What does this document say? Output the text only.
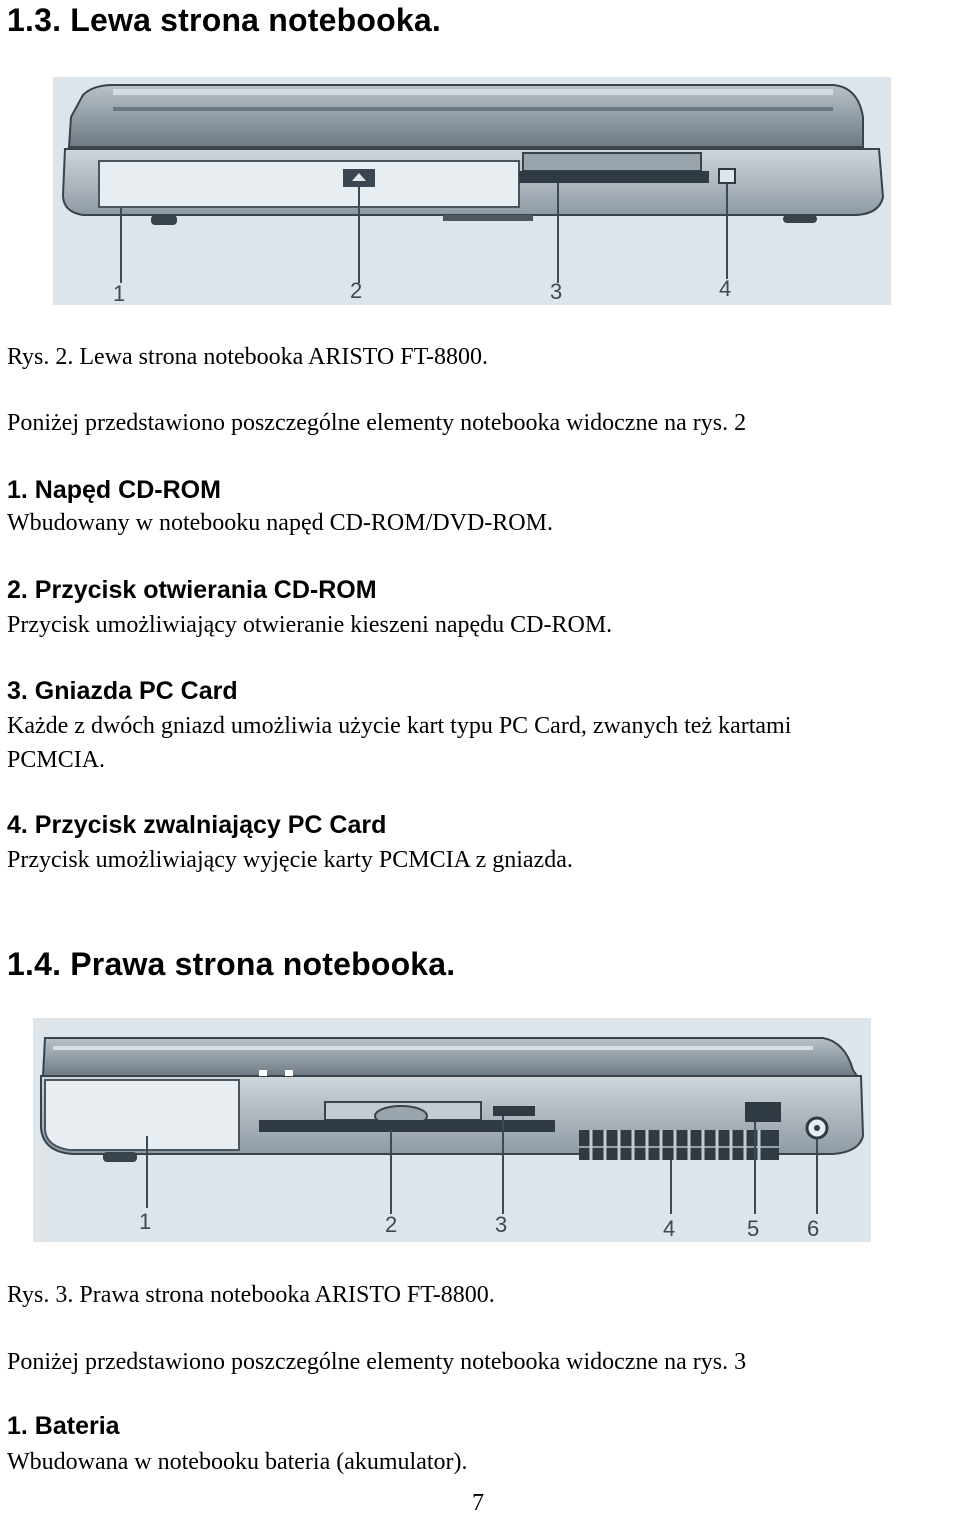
1.3. Lewa strona notebooka.
1	2	3	4

Rys. 2. Lewa strona notebooka ARISTO FT-8800.

Poniżej przedstawiono poszczególne elementy notebooka widoczne na rys. 2

1. Napęd CD-ROM

Wbudowany w notebooku napęd CD-ROM/DVD-ROM.

2. Przycisk otwierania CD-ROM

Przycisk umożliwiający otwieranie kieszeni napędu CD-ROM.

3. Gniazda PC Card

Każde z dwóch gniazd umożliwia użycie kart typu PC Card, zwanych też kartami

PCMCIA.

4. Przycisk zwalniający PC Card

Przycisk umożliwiający wyjęcie karty PCMCIA z gniazda.

1.4. Prawa strona notebooka.
1	2	3	4	5 6

Rys. 3. Prawa strona notebooka ARISTO FT-8800.

Poniżej przedstawiono poszczególne elementy notebooka widoczne na rys. 3

1. Bateria

Wbudowana w notebooku bateria (akumulator).

7
